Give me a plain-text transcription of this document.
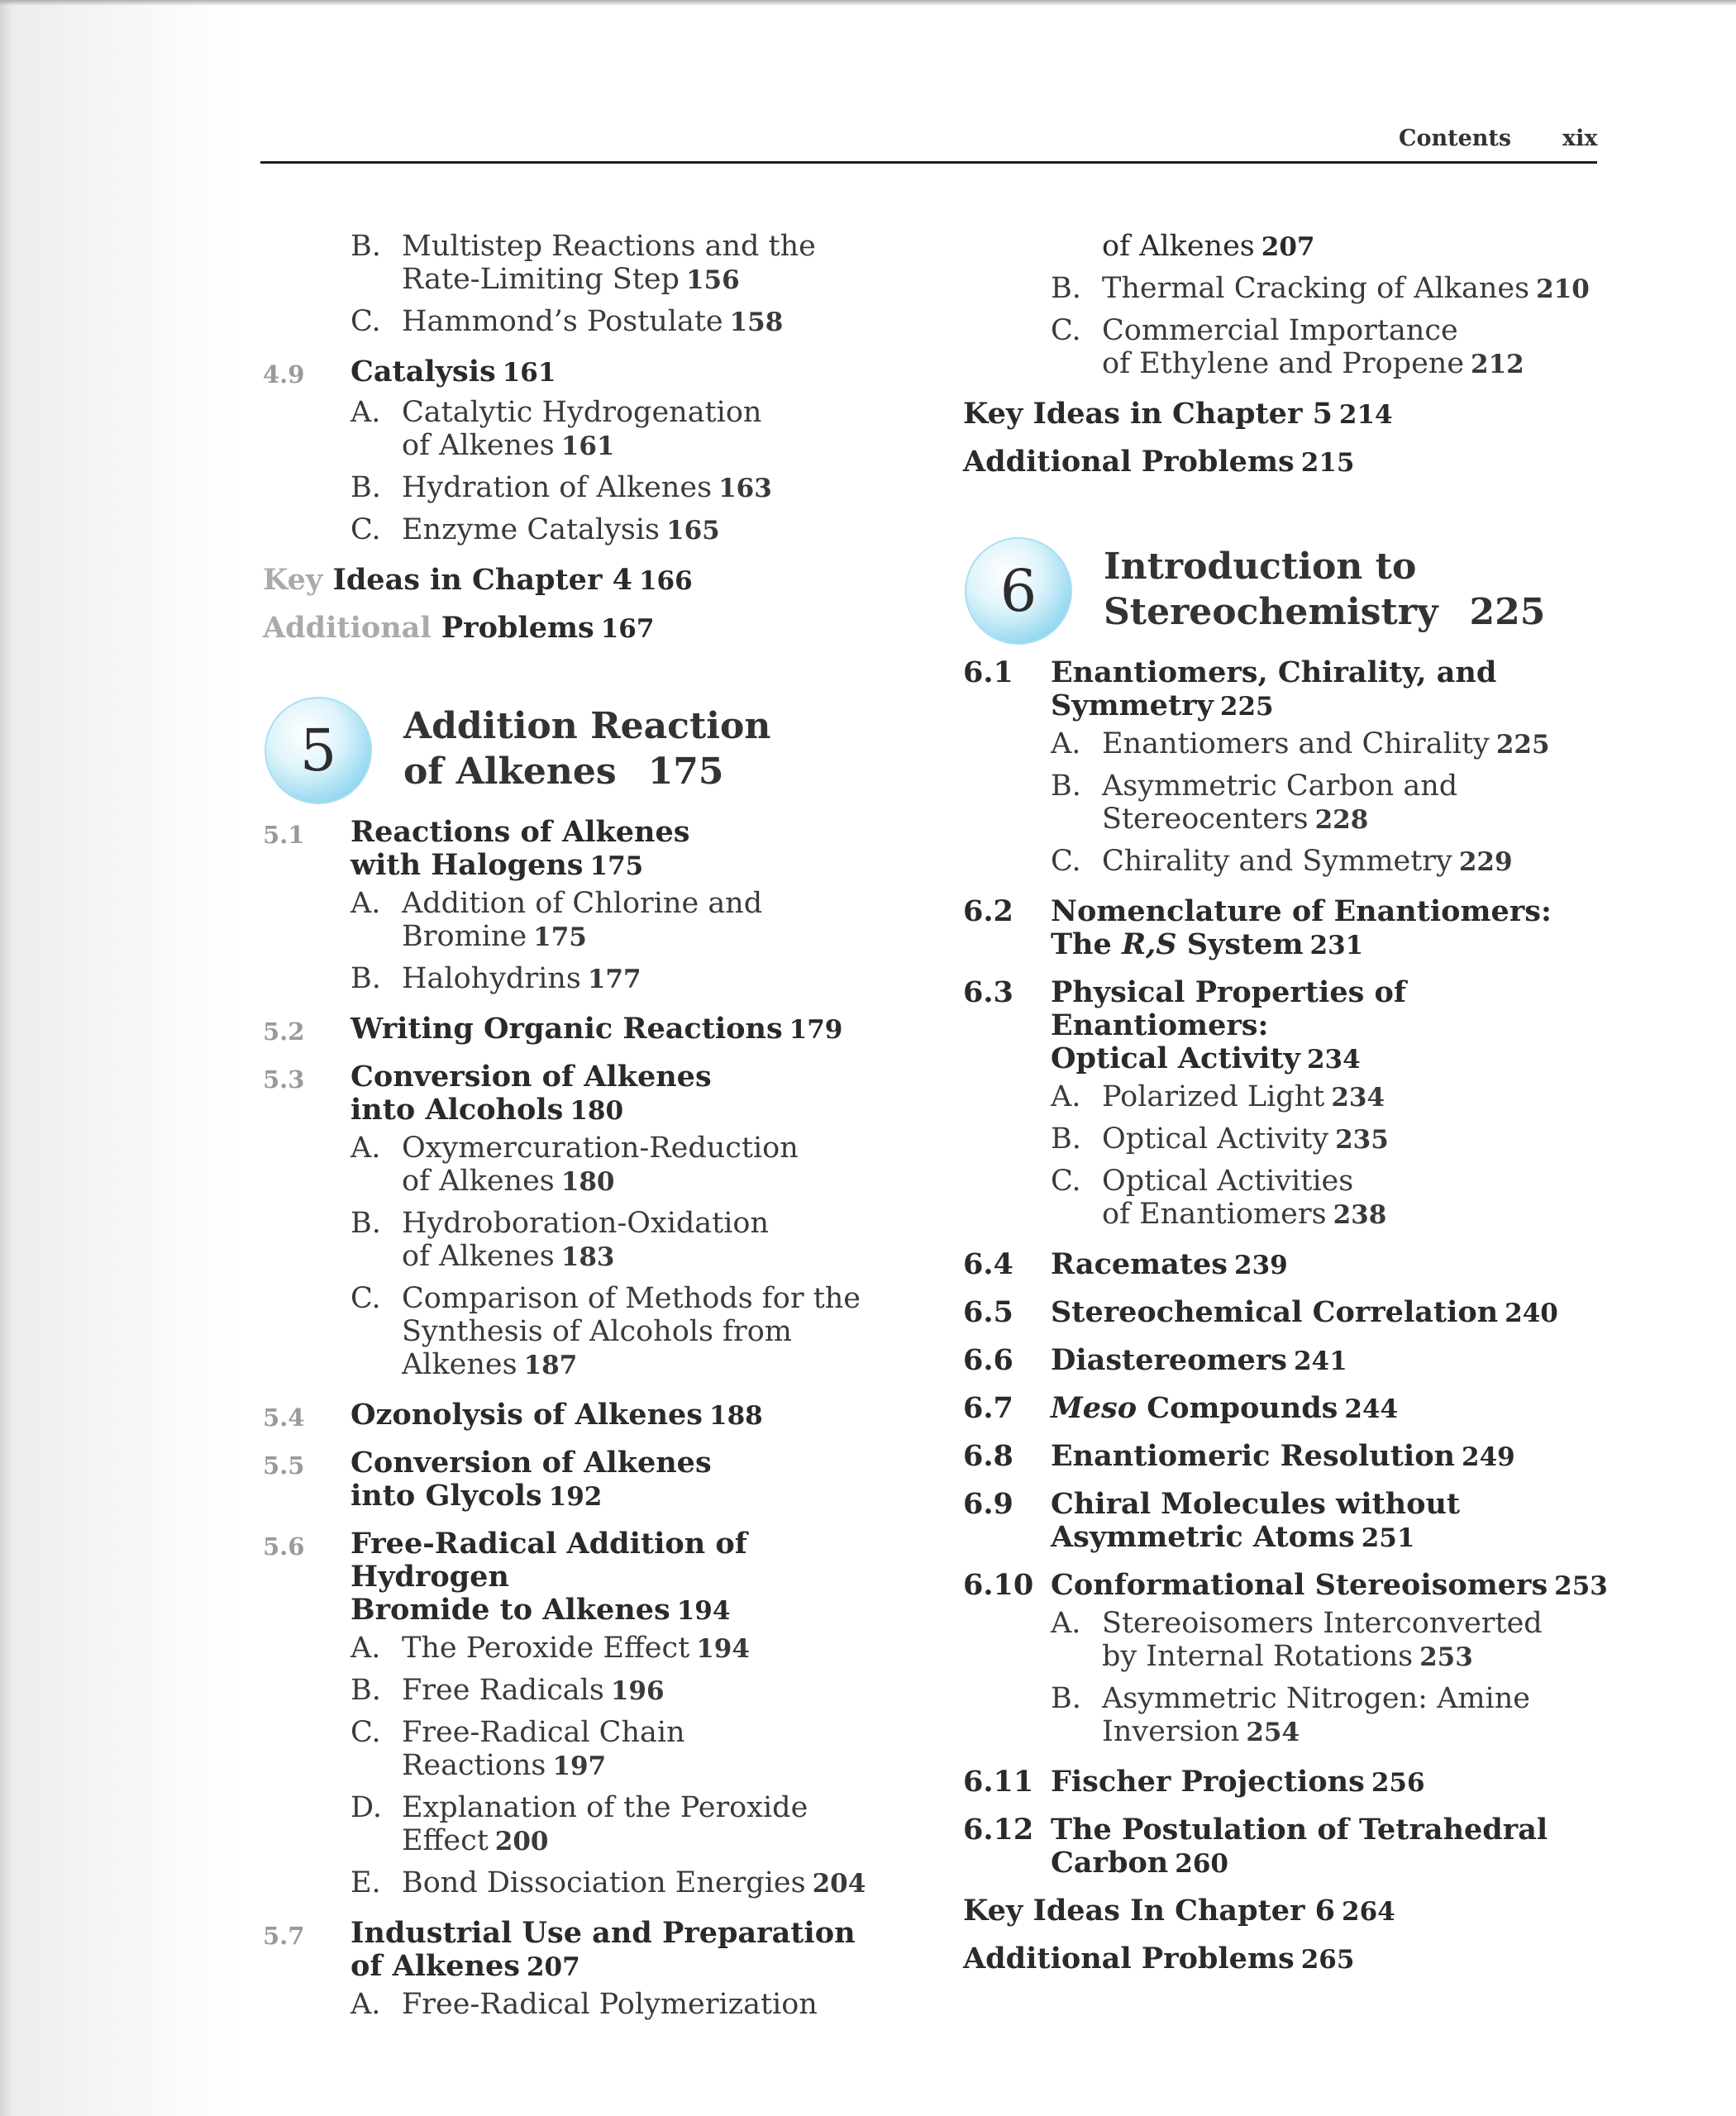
Contents xix
B. Multistep Reactions and the
Rate-Limiting Step 156
C. Hammond’s Postulate 158
4.9 Catalysis 161
A. Catalytic Hydrogenation
of Alkenes 161
B. Hydration of Alkenes 163
C. Enzyme Catalysis 165
Key Ideas in Chapter 4 166
Additional Problems 167
5	Addition Reaction
of Alkenes 175
5.1 Reactions of Alkenes
with Halogens 175
A. Addition of Chlorine and
Bromine 175
B. Halohydrins 177
5.2 Writing Organic Reactions 179
5.3 Conversion of Alkenes
into Alcohols 180
A. Oxymercuration-Reduction
of Alkenes 180
B. Hydroboration-Oxidation
of Alkenes 183
C. Comparison of Methods for the
Synthesis of Alcohols from
Alkenes 187
5.4 Ozonolysis of Alkenes 188
5.5 Conversion of Alkenes
into Glycols 192
5.6 Free-Radical Addition of Hydrogen
Bromide to Alkenes 194
A. The Peroxide Effect 194
B. Free Radicals 196
C. Free-Radical Chain Reactions 197
D. Explanation of the Peroxide
Effect 200
E. Bond Dissociation Energies 204
5.7 Industrial Use and Preparation
of Alkenes 207
A. Free-Radical Polymerization
of Alkenes 207
B. Thermal Cracking of Alkanes 210
C. Commercial Importance
of Ethylene and Propene 212
Key Ideas in Chapter 5 214
Additional Problems 215
6	Introduction to
Stereochemistry 225
6.1 Enantiomers, Chirality, and
Symmetry 225
A. Enantiomers and Chirality 225
B. Asymmetric Carbon and
Stereocenters 228
C. Chirality and Symmetry 229
6.2 Nomenclature of Enantiomers:
The R,S System 231
6.3 Physical Properties of Enantiomers:
Optical Activity 234
A. Polarized Light 234
B. Optical Activity 235
C. Optical Activities
of Enantiomers 238
6.4 Racemates 239
6.5 Stereochemical Correlation 240
6.6 Diastereomers 241
6.7 Meso Compounds 244
6.8 Enantiomeric Resolution 249
6.9 Chiral Molecules without
Asymmetric Atoms 251
6.10 Conformational Stereoisomers 253
A. Stereoisomers Interconverted
by Internal Rotations 253
B. Asymmetric Nitrogen: Amine
Inversion 254
6.11 Fischer Projections 256
6.12 The Postulation of Tetrahedral
Carbon 260
Key Ideas In Chapter 6 264
Additional Problems 265
